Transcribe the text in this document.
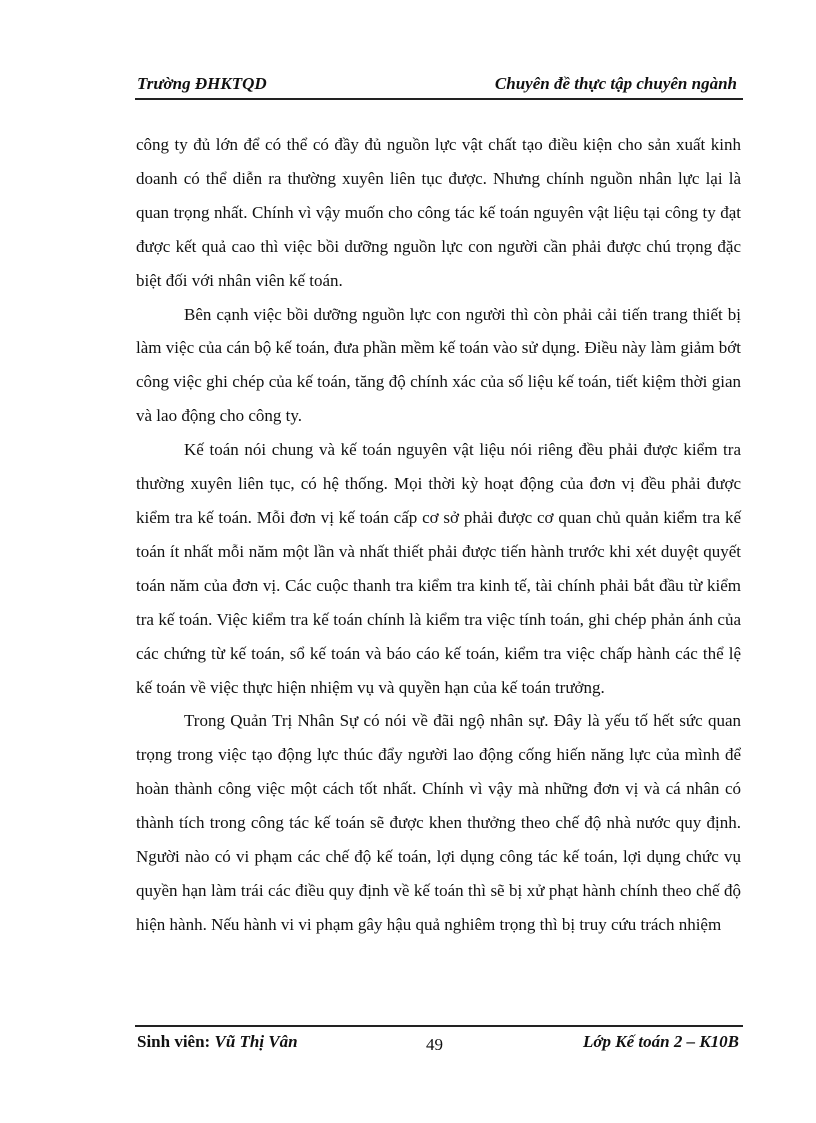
Trường ĐHKTQD	Chuyên đề thực tập chuyên ngành

công ty đủ lớn để có thể có đầy đủ nguồn lực vật chất tạo điều kiện cho sản xuất kinh doanh có thể diễn ra thường xuyên liên tục được. Nhưng chính nguồn nhân lực lại là quan trọng nhất. Chính vì vậy muốn cho công tác kế toán nguyên vật liệu tại công ty đạt được kết quả cao thì việc bồi dưỡng nguồn lực con người cần phải được chú trọng đặc biệt đối với nhân viên kế toán.

Bên cạnh việc bồi dưỡng nguồn lực con người thì còn phải cải tiến trang thiết bị làm việc của cán bộ kế toán, đưa phần mềm kế toán vào sử dụng. Điều này làm giảm bớt công việc ghi chép của kế toán, tăng độ chính xác của số liệu kế toán, tiết kiệm thời gian và lao động cho công ty.

Kế toán nói chung và kế toán nguyên vật liệu nói riêng đều phải được kiểm tra thường xuyên liên tục, có hệ thống. Mọi thời kỳ hoạt động của đơn vị đều phải được kiểm tra kế toán. Mỗi đơn vị kế toán cấp cơ sở phải được cơ quan chủ quản kiểm tra kế toán ít nhất mỗi năm một lần và nhất thiết phải được tiến hành trước khi xét duyệt quyết toán năm của đơn vị. Các cuộc thanh tra kiểm tra kinh tế, tài chính phải bắt đầu từ kiểm tra kế toán. Việc kiểm tra kế toán chính là kiểm tra việc tính toán, ghi chép phản ánh của các chứng từ kế toán, sổ kế toán và báo cáo kế toán, kiểm tra việc chấp hành các thể lệ kế toán về việc thực hiện nhiệm vụ và quyền hạn của kế toán trưởng.

Trong Quản Trị Nhân Sự có nói về đãi ngộ nhân sự. Đây là yếu tố hết sức quan trọng trong việc tạo động lực thúc đẩy người lao động cống hiến năng lực của mình để hoàn thành công việc một cách tốt nhất. Chính vì vậy mà những đơn vị và cá nhân có thành tích trong công tác kế toán sẽ được khen thưởng theo chế độ nhà nước quy định. Người nào có vi phạm các chế độ kế toán, lợi dụng công tác kế toán, lợi dụng chức vụ quyền hạn làm trái các điều quy định về kế toán thì sẽ bị xử phạt hành chính theo chế độ hiện hành. Nếu hành vi vi phạm gây hậu quả nghiêm trọng thì bị truy cứu trách nhiệm

Sinh viên: Vũ Thị Vân	49	Lớp Kế toán 2 – K10B
